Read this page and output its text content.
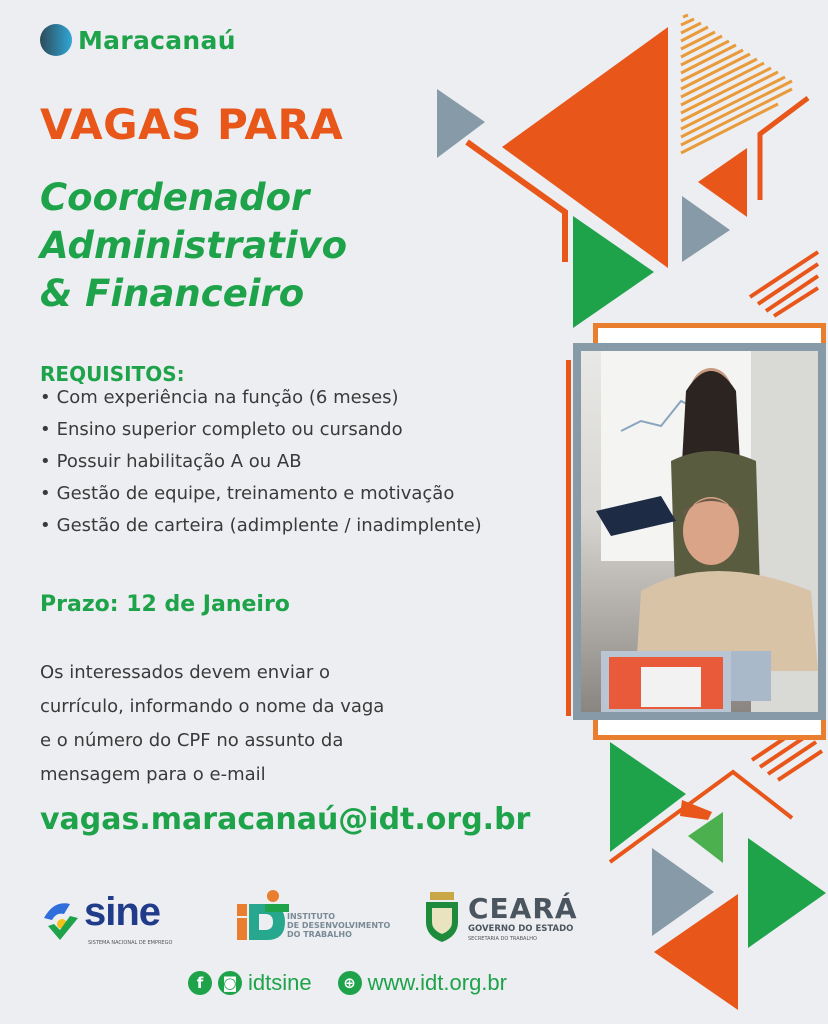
Maracanaú
VAGAS PARA
Coordenador
Administrativo
& Financeiro
REQUISITOS:
• Com experiência na função (6 meses)
• Ensino superior completo ou cursando
• Possuir habilitação A ou AB
• Gestão de equipe, treinamento e motivação
• Gestão de carteira (adimplente / inadimplente)
Prazo: 12 de Janeiro
Os interessados devem enviar o currículo, informando o nome da vaga e o número do CPF no assunto da mensagem para o e-mail
vagas.maracanaú@idt.org.br
sine
SISTEMA NACIONAL DE EMPREGO
INSTITUTO
DE DESENVOLVIMENTO
DO TRABALHO
CEARÁ
GOVERNO DO ESTADO
SECRETARIA DO TRABALHO
f	◙ idtsine	⊕ www.idt.org.br
